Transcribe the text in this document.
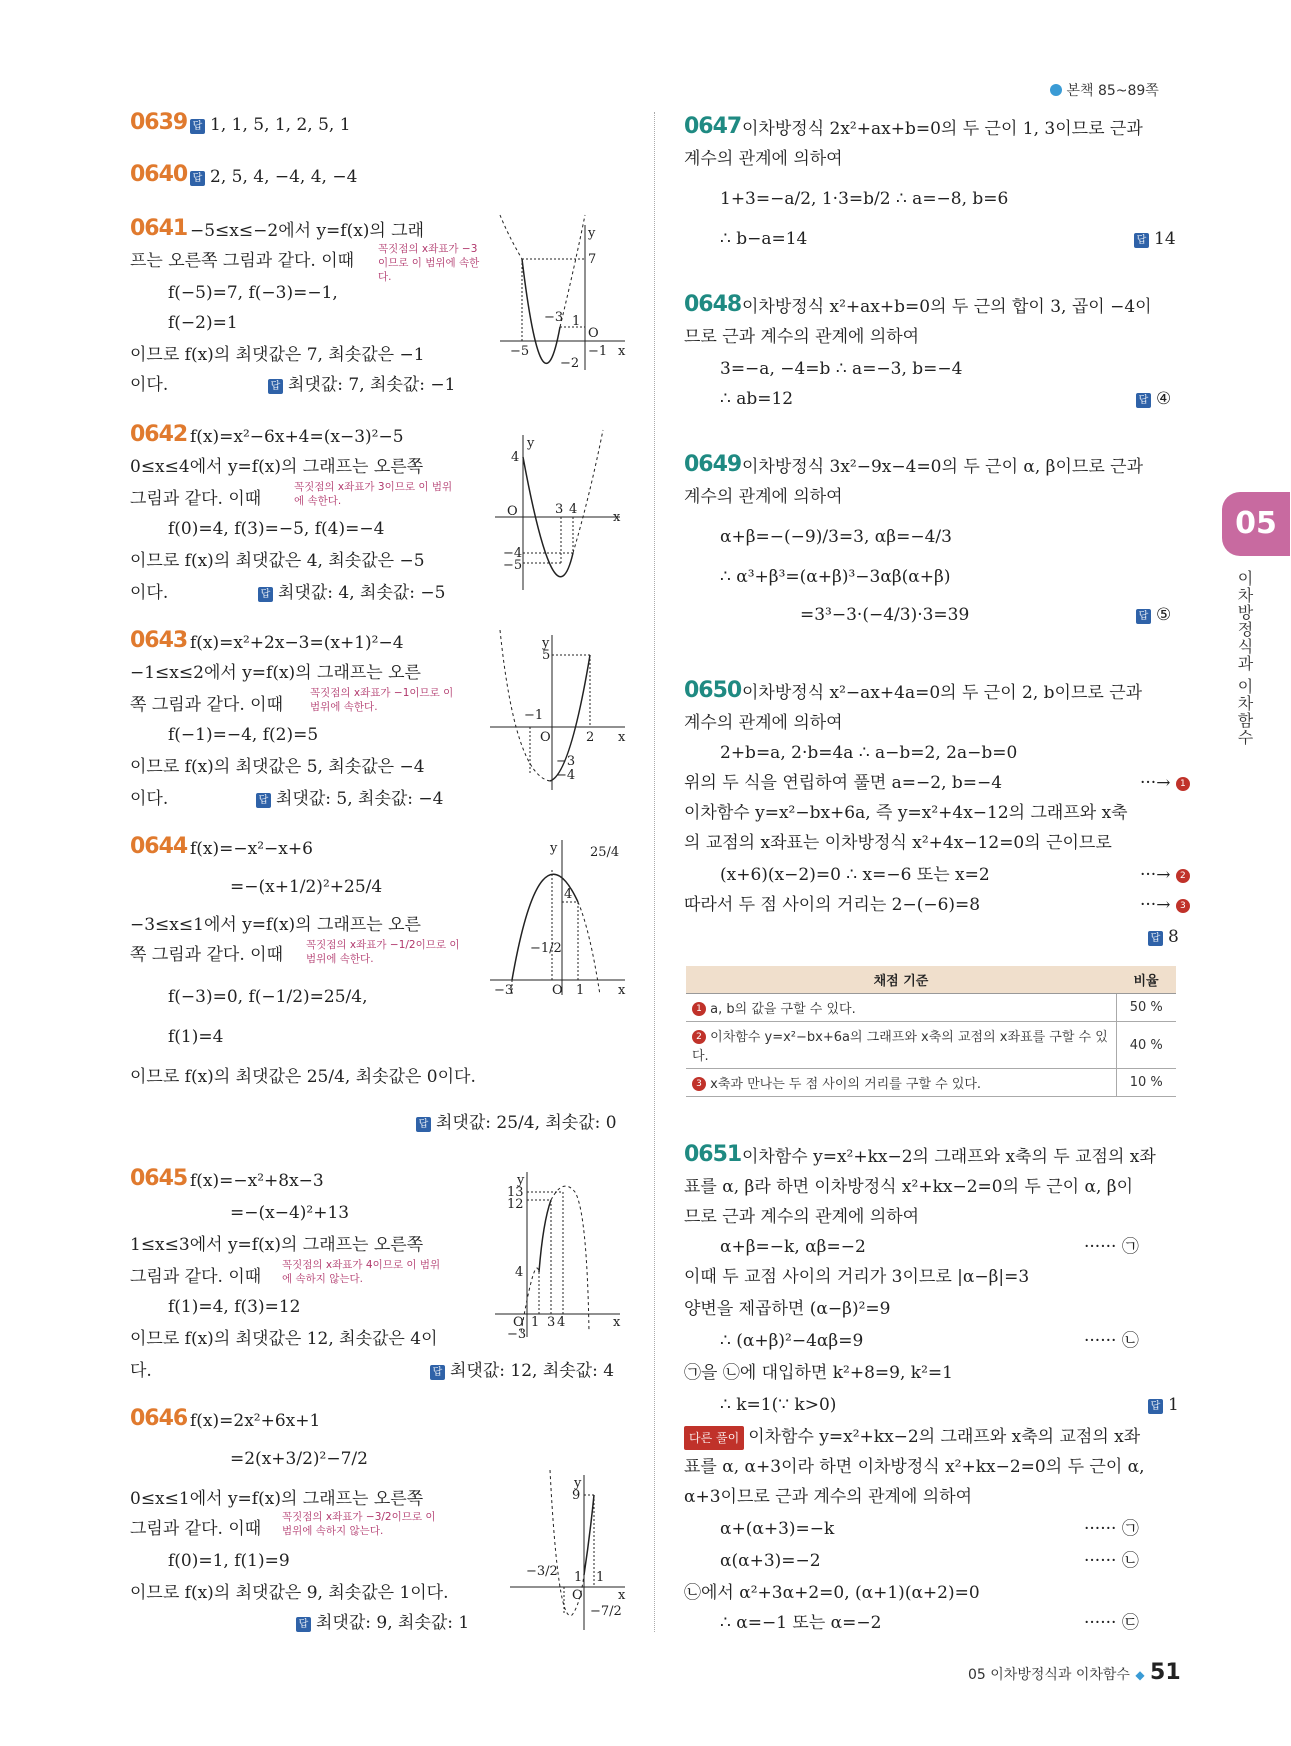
본책 85~89쪽
05
이차방정식과 이차함수
0639 답 1, 1, 5, 1, 2, 5, 1
0640 답 2, 5, 4, −4, 4, −4
0641 −5≤x≤−2에서 y=f(x)의 그래
프는 오른쪽 그림과 같다. 이때
꼭짓점의 x좌표가 −3이므로 이 범위에 속한다.
f(−5)=7, f(−3)=−1,
f(−2)=1
이므로 f(x)의 최댓값은 7, 최솟값은 −1
이다.	답 최댓값: 7, 최솟값: −1
y
7
−3 1
O
−5	−1
−2
x
0642 f(x)=x²−6x+4=(x−3)²−5
0≤x≤4에서 y=f(x)의 그래프는 오른쪽
그림과 같다. 이때
꼭짓점의 x좌표가 3이므로 이 범위에 속한다.
f(0)=4, f(3)=−5, f(4)=−4
이므로 f(x)의 최댓값은 4, 최솟값은 −5
이다.	답 최댓값: 4, 최솟값: −5
y
4
O	3 4
−4
−5
x
0643 f(x)=x²+2x−3=(x+1)²−4
−1≤x≤2에서 y=f(x)의 그래프는 오른
쪽 그림과 같다. 이때
꼭짓점의 x좌표가 −1이므로 이 범위에 속한다.
f(−1)=−4, f(2)=5
이므로 f(x)의 최댓값은 5, 최솟값은 −4
이다.	답 최댓값: 5, 최솟값: −4
y
5
−1
O	2
−3
−4
x
0644 f(x)=−x²−x+6
=−(x+1/2)²+25/4
−3≤x≤1에서 y=f(x)의 그래프는 오른
쪽 그림과 같다. 이때 꼭짓점의 x좌표가 −1/2이므로 이 범위에 속한다.
f(−3)=0, f(−1/2)=25/4,
f(1)=4
이므로 f(x)의 최댓값은 25/4, 최솟값은 0이다.
답 최댓값: 25/4, 최솟값: 0
y	25/4
4
−1/2
−3	O 1	x
0645 f(x)=−x²+8x−3
=−(x−4)²+13
1≤x≤3에서 y=f(x)의 그래프는 오른쪽
그림과 같다. 이때
꼭짓점의 x좌표가 4이므로 이 범위에 속하지 않는다.
f(1)=4, f(3)=12
이므로 f(x)의 최댓값은 12, 최솟값은 4이
다.	답 최댓값: 12, 최솟값: 4
y
13
12
4
O 1 3 4
−3
x
0646 f(x)=2x²+6x+1
=2(x+3/2)²−7/2
0≤x≤1에서 y=f(x)의 그래프는 오른쪽
그림과 같다. 이때
꼭짓점의 x좌표가 −3/2이므로 이 범위에 속하지 않는다.
f(0)=1, f(1)=9
이므로 f(x)의 최댓값은 9, 최솟값은 1이다.
답 최댓값: 9, 최솟값: 1
y
9
−3/2 1
O
1
−7/2
x
0647 이차방정식 2x²+ax+b=0의 두 근이 1, 3이므로 근과
계수의 관계에 의하여
1+3=−a/2, 1·3=b/2 ∴ a=−8, b=6
∴ b−a=14	답 14
0648 이차방정식 x²+ax+b=0의 두 근의 합이 3, 곱이 −4이
므로 근과 계수의 관계에 의하여
3=−a, −4=b ∴ a=−3, b=−4
∴ ab=12	답 ④
0649 이차방정식 3x²−9x−4=0의 두 근이 α, β이므로 근과
계수의 관계에 의하여
α+β=−(−9)/3=3, αβ=−4/3
∴ α³+β³=(α+β)³−3αβ(α+β)
=3³−3·(−4/3)·3=39	답 ⑤
0650 이차방정식 x²−ax+4a=0의 두 근이 2, b이므로 근과
계수의 관계에 의하여
2+b=a, 2·b=4a ∴ a−b=2, 2a−b=0
위의 두 식을 연립하여 풀면 a=−2, b=−4	···→ 1
이차함수 y=x²−bx+6a, 즉 y=x²+4x−12의 그래프와 x축
의 교점의 x좌표는 이차방정식 x²+4x−12=0의 근이므로
(x+6)(x−2)=0 ∴ x=−6 또는 x=2	···→ 2
따라서 두 점 사이의 거리는 2−(−6)=8	···→ 3
답 8
채점 기준	비율
1 a, b의 값을 구할 수 있다.	50 %
2 이차함수 y=x²−bx+6a의 그래프와 x축의 교점의 x좌표를 구할 수 있다.	40 %
3 x축과 만나는 두 점 사이의 거리를 구할 수 있다.	10 %
0651 이차함수 y=x²+kx−2의 그래프와 x축의 두 교점의 x좌
표를 α, β라 하면 이차방정식 x²+kx−2=0의 두 근이 α, β이
므로 근과 계수의 관계에 의하여
α+β=−k, αβ=−2	······ ㉠
이때 두 교점 사이의 거리가 3이므로 |α−β|=3
양변을 제곱하면 (α−β)²=9
∴ (α+β)²−4αβ=9	······ ㉡
㉠을 ㉡에 대입하면 k²+8=9, k²=1
∴ k=1(∵ k>0)	답 1
다른 풀이 이차함수 y=x²+kx−2의 그래프와 x축의 교점의 x좌
표를 α, α+3이라 하면 이차방정식 x²+kx−2=0의 두 근이 α,
α+3이므로 근과 계수의 관계에 의하여
α+(α+3)=−k	······ ㉠
α(α+3)=−2	······ ㉡
㉡에서 α²+3α+2=0, (α+1)(α+2)=0
∴ α=−1 또는 α=−2	······ ㉢
05 이차방정식과 이차함수 ◆ 51
